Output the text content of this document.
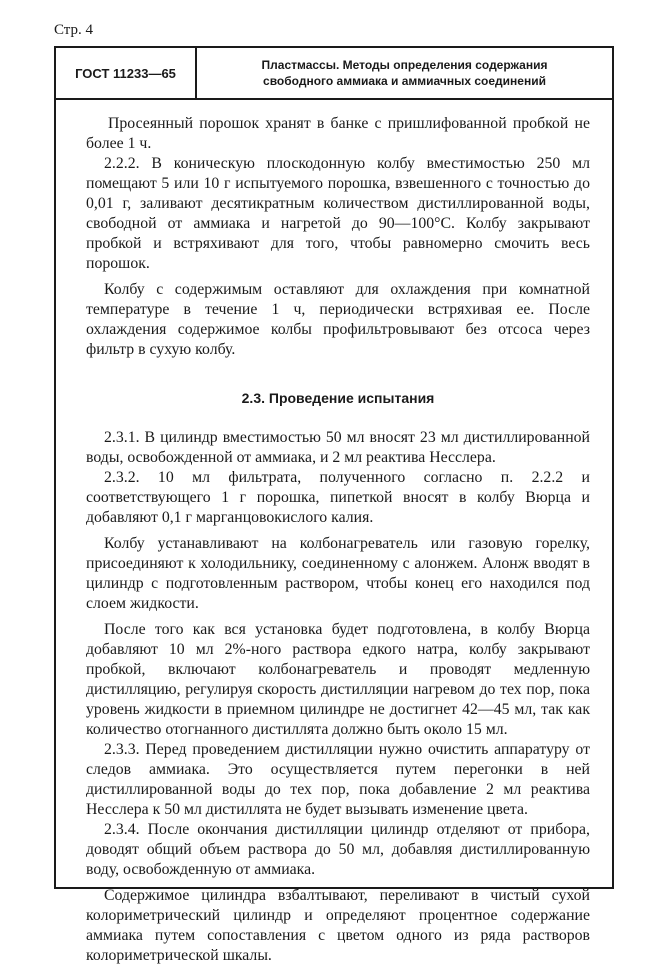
Стр. 4
ГОСТ 11233—65
Пластмассы. Методы определения содержания
свободного аммиака и аммиачных соединений

Просеянный порошок хранят в банке с пришлифованной пробкой не более 1 ч.

2.2.2. В коническую плоскодонную колбу вместимостью 250 мл помещают 5 или 10 г испытуемого порошка, взвешенного с точностью до 0,01 г, заливают десятикратным количеством дистиллированной воды, свободной от аммиака и нагретой до 90—100°С. Колбу закрывают пробкой и встряхивают для того, чтобы равномерно смочить весь порошок.

Колбу с содержимым оставляют для охлаждения при комнатной температуре в течение 1 ч, периодически встряхивая ее. После охлаждения содержимое колбы профильтровывают без отсоса через фильтр в сухую колбу.

2.3. Проведение испытания

2.3.1. В цилиндр вместимостью 50 мл вносят 23 мл дистиллированной воды, освобожденной от аммиака, и 2 мл реактива Несслера.

2.3.2. 10 мл фильтрата, полученного согласно п. 2.2.2 и соответствующего 1 г порошка, пипеткой вносят в колбу Вюрца и добавляют 0,1 г марганцовокислого калия.

Колбу устанавливают на колбонагреватель или газовую горелку, присоединяют к холодильнику, соединенному с алонжем. Алонж вводят в цилиндр с подготовленным раствором, чтобы конец его находился под слоем жидкости.

После того как вся установка будет подготовлена, в колбу Вюрца добавляют 10 мл 2%-ного раствора едкого натра, колбу закрывают пробкой, включают колбонагреватель и проводят медленную дистилляцию, регулируя скорость дистилляции нагревом до тех пор, пока уровень жидкости в приемном цилиндре не достигнет 42—45 мл, так как количество отогнанного дистиллята должно быть около 15 мл.

2.3.3. Перед проведением дистилляции нужно очистить аппаратуру от следов аммиака. Это осуществляется путем перегонки в ней дистиллированной воды до тех пор, пока добавление 2 мл реактива Несслера к 50 мл дистиллята не будет вызывать изменение цвета.

2.3.4. После окончания дистилляции цилиндр отделяют от прибора, доводят общий объем раствора до 50 мл, добавляя дистиллированную воду, освобожденную от аммиака.

Содержимое цилиндра взбалтывают, переливают в чистый сухой колориметрический цилиндр и определяют процентное содержание аммиака путем сопоставления с цветом одного из ряда растворов колориметрической шкалы.
